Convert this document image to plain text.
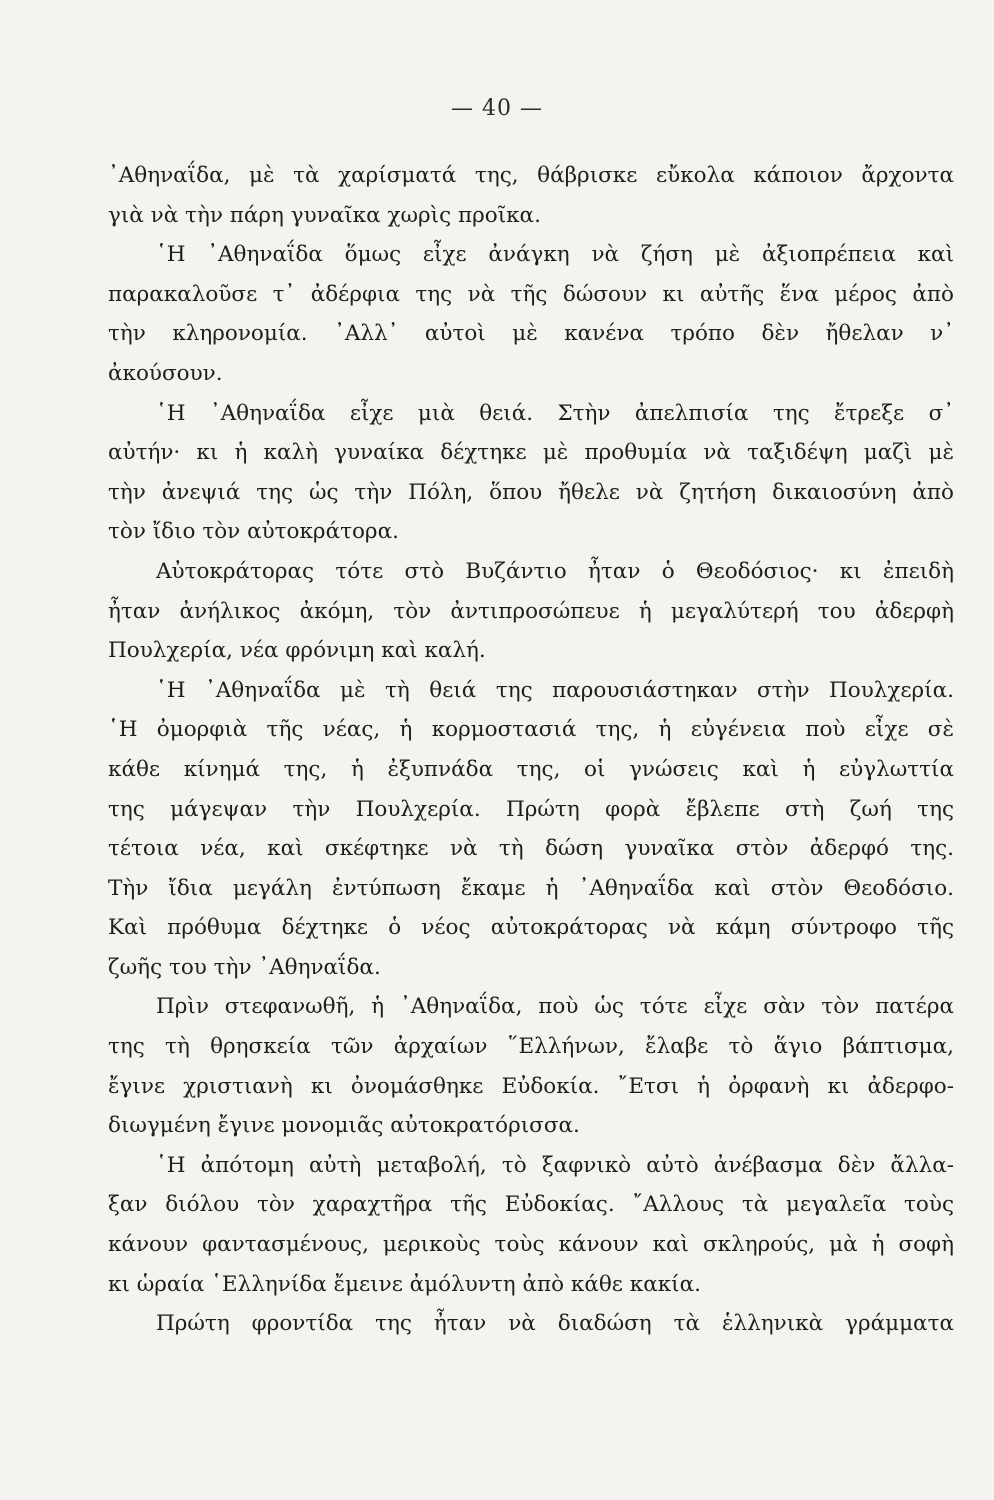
— 40 —
᾿Αθηναΐδα, μὲ τὰ χαρίσματά της, θάβρισκε εὔκολα κάποιον ἄρχοντα
γιὰ νὰ τὴν πάρη γυναῖκα χωρὶς προῖκα.
῾Η ᾿Αθηναΐδα ὅμως εἶχε ἀνάγκη νὰ ζήση μὲ ἀξιοπρέπεια καὶ
παρακαλοῦσε τ᾿ ἀδέρφια της νὰ τῆς δώσουν κι αὐτῆς ἕνα μέρος ἀπὸ
τὴν κληρονομία. ᾿Αλλ᾿ αὐτοὶ μὲ κανένα τρόπο δὲν ἤθελαν ν᾿
ἀκούσουν.
῾Η ᾿Αθηναΐδα εἶχε μιὰ θειά. Στὴν ἀπελπισία της ἔτρεξε σ᾿
αὐτήν· κι ἡ καλὴ γυναίκα δέχτηκε μὲ προθυμία νὰ ταξιδέψη μαζὶ μὲ
τὴν ἀνεψιά της ὡς τὴν Πόλη, ὅπου ἤθελε νὰ ζητήση δικαιοσύνη ἀπὸ
τὸν ἴδιο τὸν αὐτοκράτορα.
Αὐτοκράτορας τότε στὸ Βυζάντιο ἦταν ὁ Θεοδόσιος· κι ἐπειδὴ
ἦταν ἀνήλικος ἀκόμη, τὸν ἀντιπροσώπευε ἡ μεγαλύτερή του ἀδερφὴ
Πουλχερία, νέα φρόνιμη καὶ καλή.
῾Η ᾿Αθηναΐδα μὲ τὴ θειά της παρουσιάστηκαν στὴν Πουλχερία.
῾Η ὀμορφιὰ τῆς νέας, ἡ κορμοστασιά της, ἡ εὐγένεια ποὺ εἶχε σὲ
κάθε κίνημά της, ἡ ἐξυπνάδα της, οἱ γνώσεις καὶ ἡ εὐγλωττία
της μάγεψαν τὴν Πουλχερία. Πρώτη φορὰ ἔβλεπε στὴ ζωή της
τέτοια νέα, καὶ σκέφτηκε νὰ τὴ δώση γυναῖκα στὸν ἀδερφό της.
Τὴν ἴδια μεγάλη ἐντύπωση ἔκαμε ἡ ᾿Αθηναΐδα καὶ στὸν Θεοδόσιο.
Καὶ πρόθυμα δέχτηκε ὁ νέος αὐτοκράτορας νὰ κάμη σύντροφο τῆς
ζωῆς του τὴν ᾿Αθηναΐδα.
Πρὶν στεφανωθῆ, ἡ ᾿Αθηναΐδα, ποὺ ὡς τότε εἶχε σὰν τὸν πατέρα
της τὴ θρησκεία τῶν ἀρχαίων ῞Ελλήνων, ἔλαβε τὸ ἅγιο βάπτισμα,
ἔγινε χριστιανὴ κι ὀνομάσθηκε Εὐδοκία. ῎Ετσι ἡ ὀρφανὴ κι ἀδερφο-
διωγμένη ἔγινε μονομιᾶς αὐτοκρατόρισσα.
῾Η ἀπότομη αὐτὴ μεταβολή, τὸ ξαφνικὸ αὐτὸ ἀνέβασμα δὲν ἄλλα-
ξαν διόλου τὸν χαραχτῆρα τῆς Εὐδοκίας. ῎Αλλους τὰ μεγαλεῖα τοὺς
κάνουν φαντασμένους, μερικοὺς τοὺς κάνουν καὶ σκληρούς, μὰ ἡ σοφὴ
κι ὡραία ῾Ελληνίδα ἔμεινε ἀμόλυντη ἀπὸ κάθε κακία.
Πρώτη φροντίδα της ἦταν νὰ διαδώση τὰ ἑλληνικὰ γράμματα
